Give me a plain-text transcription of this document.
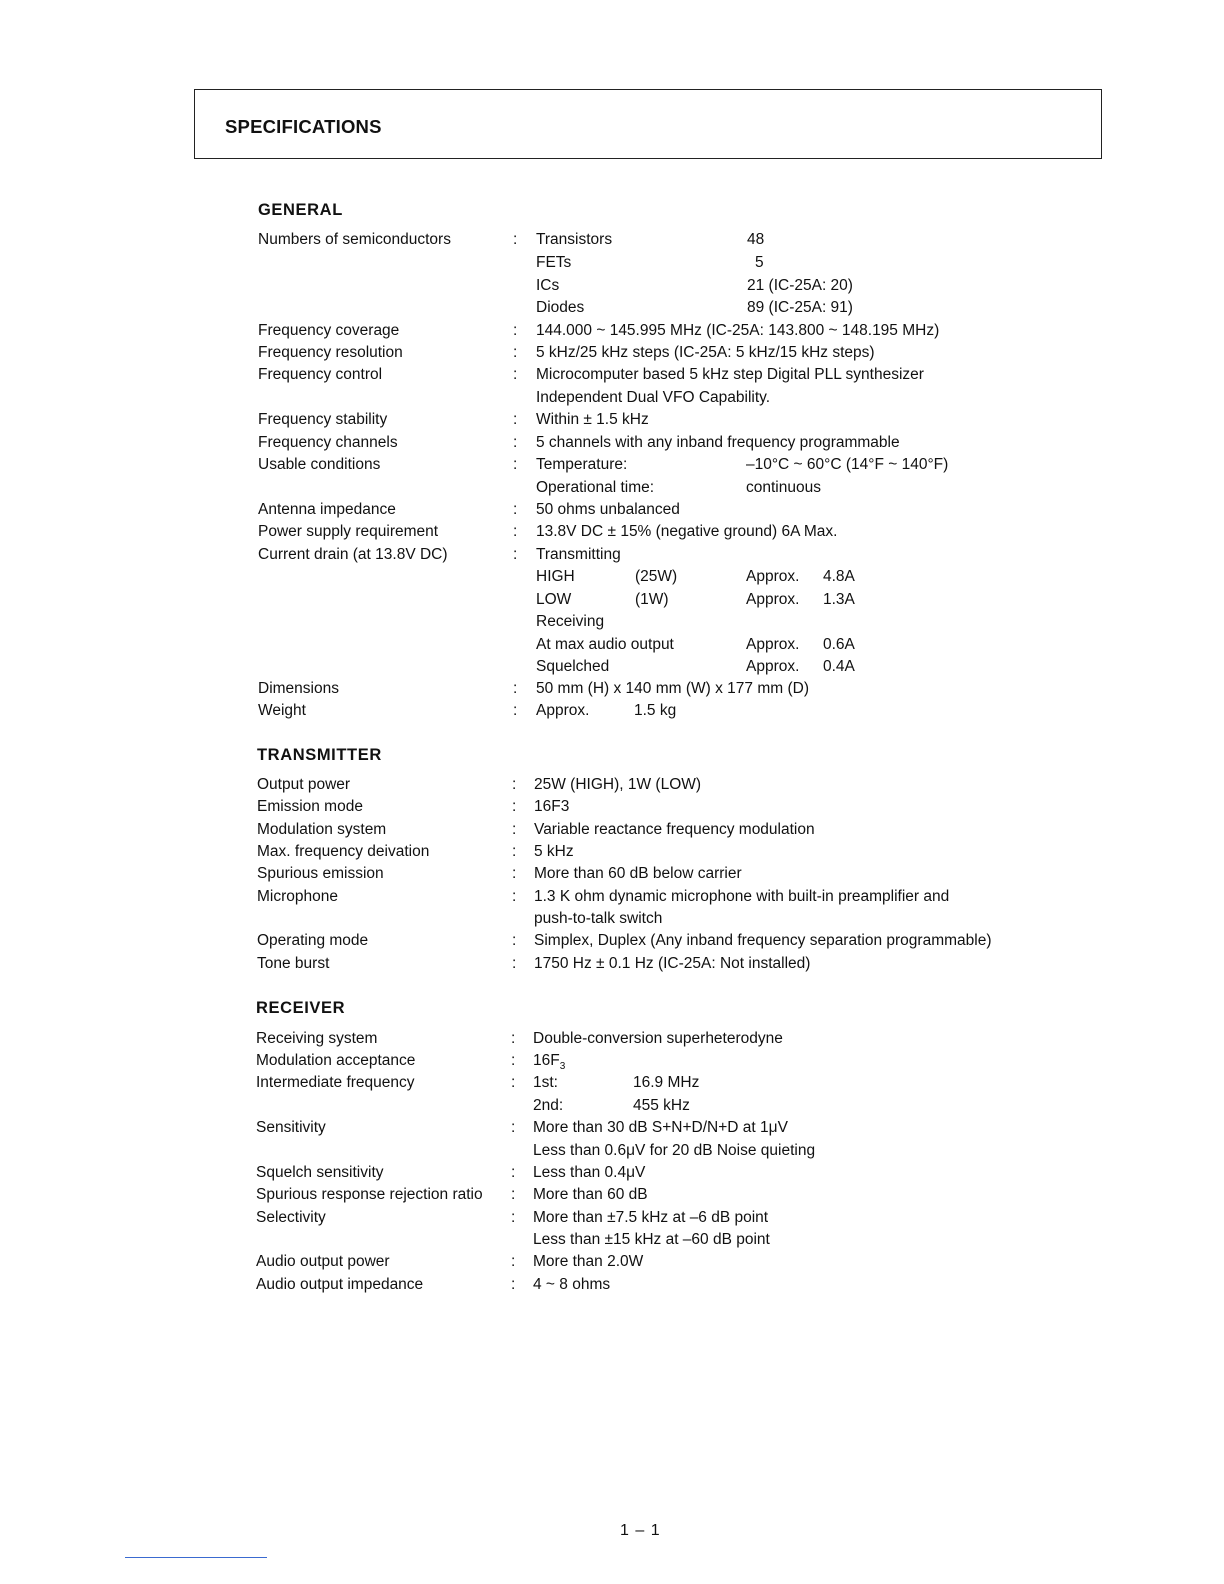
SPECIFICATIONS
GENERAL
Numbers of semiconductors	: Transistors	48
FETs	5
ICs	21 (IC-25A: 20)
Diodes	89 (IC-25A: 91)
Frequency coverage	: 144.000 ~ 145.995 MHz (IC-25A: 143.800 ~ 148.195 MHz)
Frequency resolution	: 5 kHz/25 kHz steps (IC-25A: 5 kHz/15 kHz steps)
Frequency control	: Microcomputer based 5 kHz step Digital PLL synthesizer
Independent Dual VFO Capability.
Frequency stability	: Within ± 1.5 kHz
Frequency channels	: 5 channels with any inband frequency programmable
Usable conditions	: Temperature:	–10°C ~ 60°C (14°F ~ 140°F)
Operational time:	continuous
Antenna impedance	: 50 ohms unbalanced
Power supply requirement	: 13.8V DC ± 15% (negative ground) 6A Max.
Current drain (at 13.8V DC)	: Transmitting
HIGH	(25W)	Approx. 4.8A
LOW	(1W)	Approx. 1.3A
Receiving
At max audio output	Approx. 0.6A
Squelched	Approx. 0.4A
Dimensions	: 50 mm (H) x 140 mm (W) x 177 mm (D)
Weight	: Approx.	1.5 kg
TRANSMITTER
Output power	: 25W (HIGH), 1W (LOW)
Emission mode	: 16F3
Modulation system	: Variable reactance frequency modulation
Max. frequency deivation	: 5 kHz
Spurious emission	: More than 60 dB below carrier
Microphone	: 1.3 K ohm dynamic microphone with built-in preamplifier and
push-to-talk switch
Operating mode	: Simplex, Duplex (Any inband frequency separation programmable)
Tone burst	: 1750 Hz ± 0.1 Hz (IC-25A: Not installed)
RECEIVER
Receiving system	: Double-conversion superheterodyne
Modulation acceptance	: $16F_3$
Intermediate frequency	: 1st:	16.9 MHz
2nd:	455 kHz
Sensitivity	: More than 30 dB S+N+D/N+D at 1μV
Less than 0.6μV for 20 dB Noise quieting
Squelch sensitivity	: Less than 0.4μV
Spurious response rejection ratio : More than 60 dB
Selectivity	: More than ±7.5 kHz at –6 dB point
Less than ±15 kHz at –60 dB point
Audio output power	: More than 2.0W
Audio output impedance	: 4 ~ 8 ohms
1 – 1
